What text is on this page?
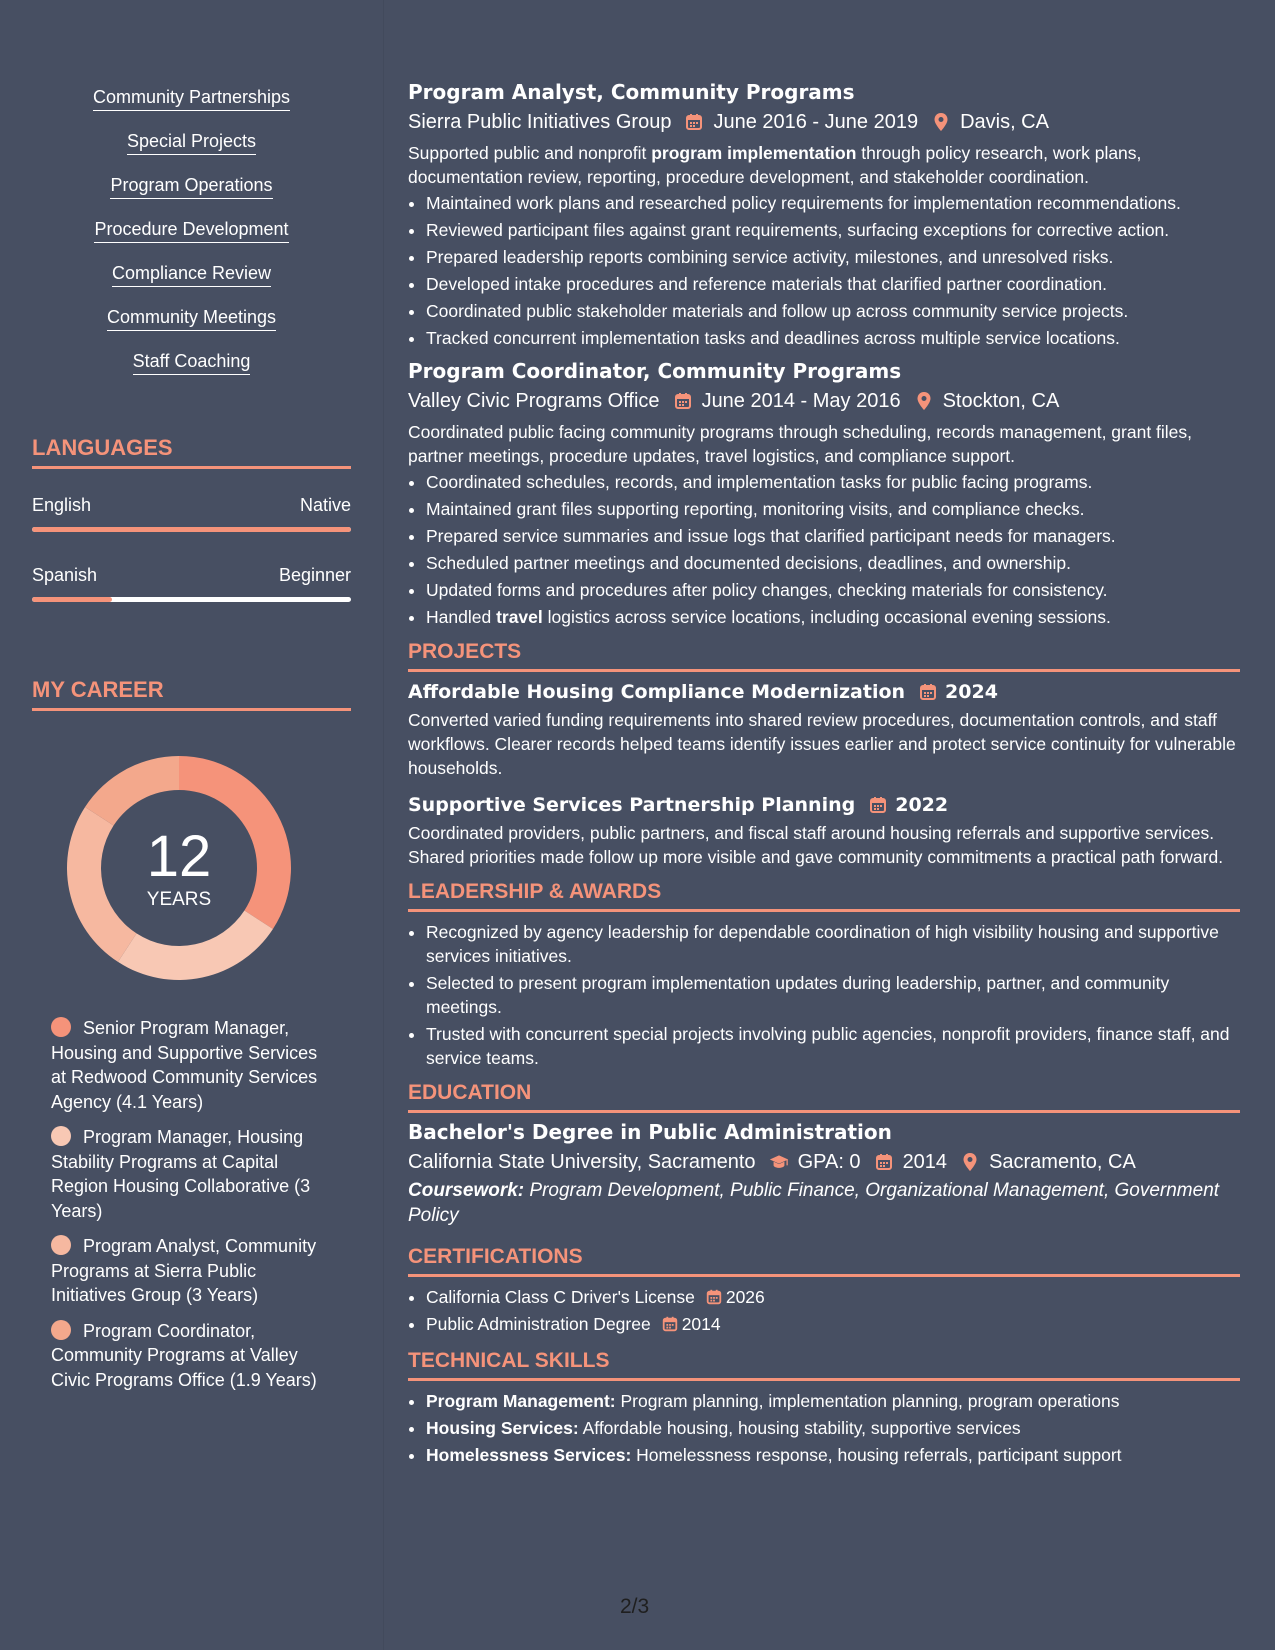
Community Partnerships
Special Projects
Program Operations
Procedure Development
Compliance Review
Community Meetings
Staff Coaching
LANGUAGES
English	Native
Spanish	Beginner
MY CAREER
12
YEARS
Senior Program Manager, Housing and Supportive Services at Redwood Community Services Agency (4.1 Years)
Program Manager, Housing Stability Programs at Capital Region Housing Collaborative (3 Years)
Program Analyst, Community Programs at Sierra Public Initiatives Group (3 Years)
Program Coordinator, Community Programs at Valley Civic Programs Office (1.9 Years)
Program Analyst, Community Programs
Sierra Public Initiatives Group June 2016 - June 2019 Davis, CA
Supported public and nonprofit program implementation through policy research, work plans, documentation review, reporting, procedure development, and stakeholder coordination.
• Maintained work plans and researched policy requirements for implementation recommendations.
• Reviewed participant files against grant requirements, surfacing exceptions for corrective action.
• Prepared leadership reports combining service activity, milestones, and unresolved risks.
• Developed intake procedures and reference materials that clarified partner coordination.
• Coordinated public stakeholder materials and follow up across community service projects.
• Tracked concurrent implementation tasks and deadlines across multiple service locations.
Program Coordinator, Community Programs
Valley Civic Programs Office June 2014 - May 2016 Stockton, CA
Coordinated public facing community programs through scheduling, records management, grant files, partner meetings, procedure updates, travel logistics, and compliance support.
• Coordinated schedules, records, and implementation tasks for public facing programs.
• Maintained grant files supporting reporting, monitoring visits, and compliance checks.
• Prepared service summaries and issue logs that clarified participant needs for managers.
• Scheduled partner meetings and documented decisions, deadlines, and ownership.
• Updated forms and procedures after policy changes, checking materials for consistency.
• Handled travel logistics across service locations, including occasional evening sessions.
PROJECTS
Affordable Housing Compliance Modernization 2024
Converted varied funding requirements into shared review procedures, documentation controls, and staff workflows. Clearer records helped teams identify issues earlier and protect service continuity for vulnerable households.
Supportive Services Partnership Planning 2022
Coordinated providers, public partners, and fiscal staff around housing referrals and supportive services. Shared priorities made follow up more visible and gave community commitments a practical path forward.
LEADERSHIP & AWARDS
• Recognized by agency leadership for dependable coordination of high visibility housing and supportive services initiatives.
• Selected to present program implementation updates during leadership, partner, and community meetings.
• Trusted with concurrent special projects involving public agencies, nonprofit providers, finance staff, and service teams.
EDUCATION
Bachelor's Degree in Public Administration
California State University, Sacramento GPA: 0 2014 Sacramento, CA
Coursework: Program Development, Public Finance, Organizational Management, Government Policy
CERTIFICATIONS
• California Class C Driver's License 2026
• Public Administration Degree 2014
TECHNICAL SKILLS
• Program Management: Program planning, implementation planning, program operations
• Housing Services: Affordable housing, housing stability, supportive services
• Homelessness Services: Homelessness response, housing referrals, participant support
2/3
